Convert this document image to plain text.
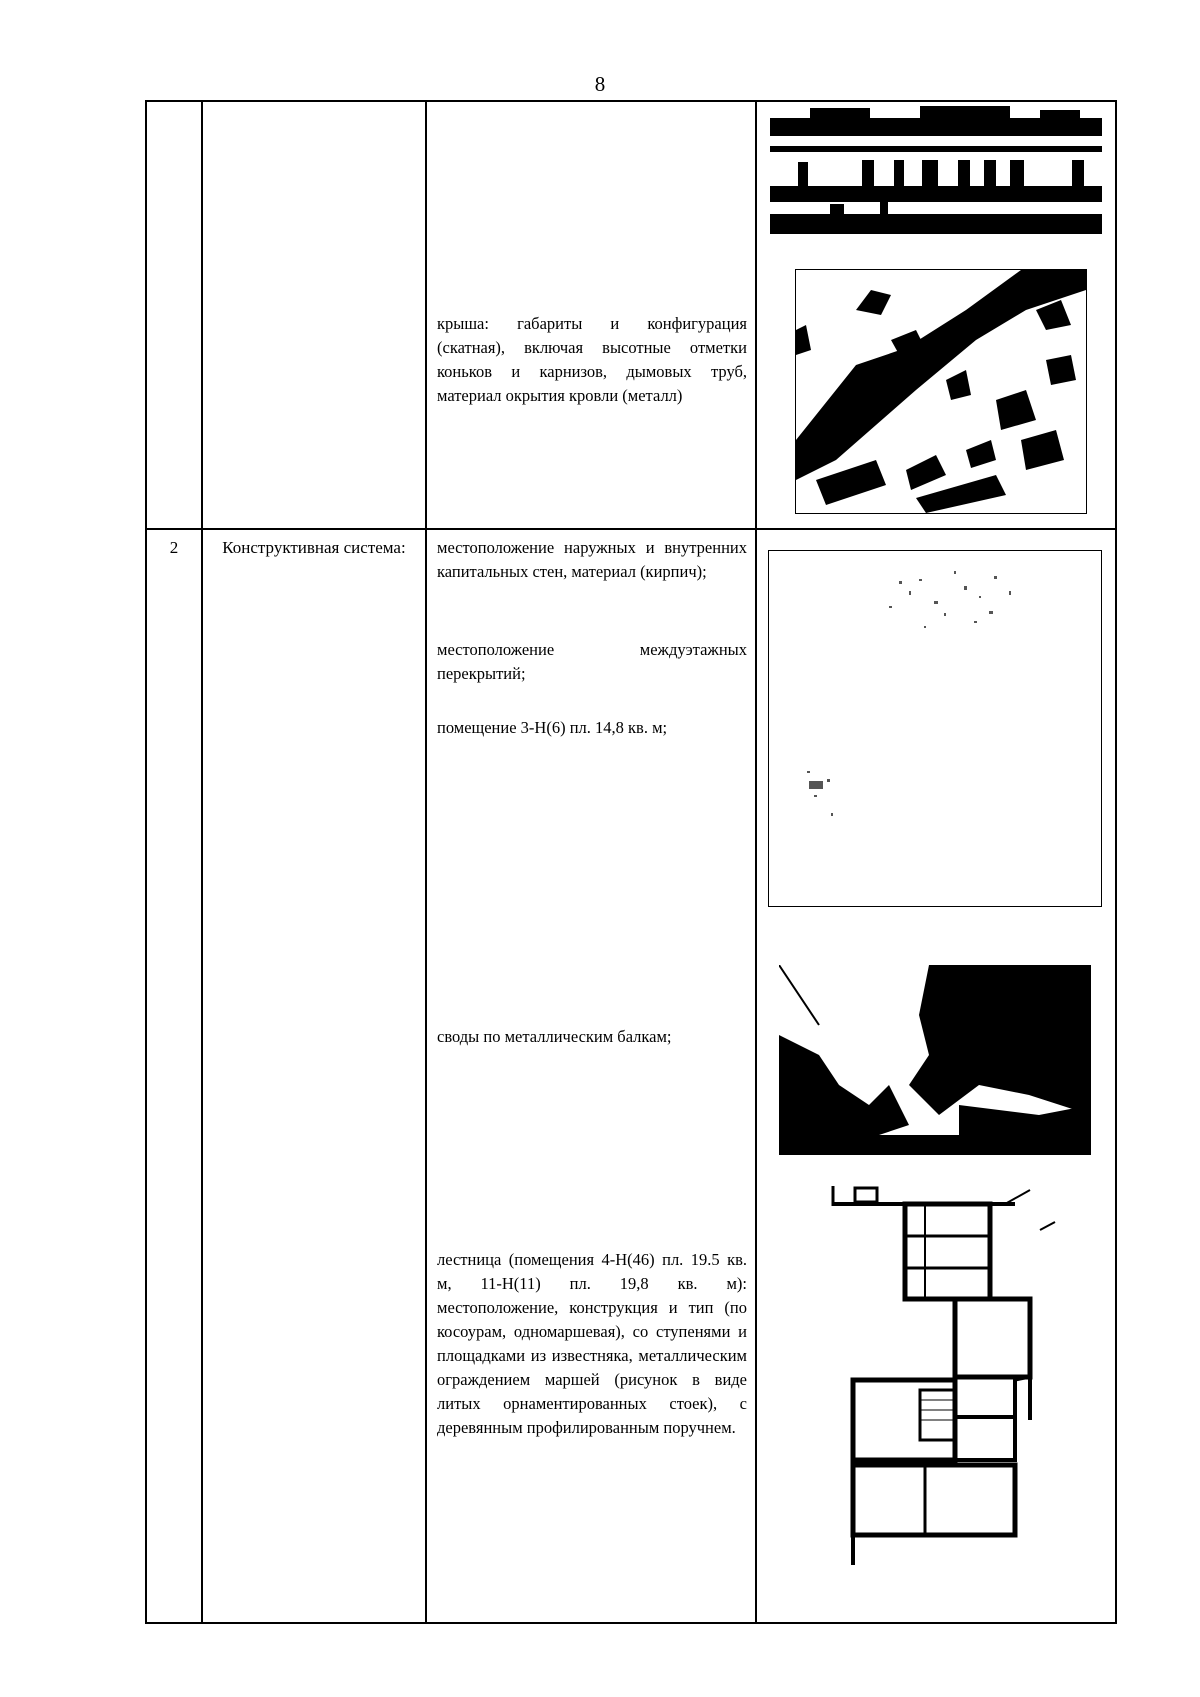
8

		крыша: габариты и конфигурация (скатная), включая высотные отметки коньков и карнизов, дымовых труб, материал окрытия кровли (металл)

2	Конструктивная система:	местоположение наружных и внутренних капитальных стен, материал (кирпич);
местоположение междуэтажных перекрытий;
помещение 3-Н(6) пл. 14,8 кв. м;
своды по металлическим балкам;
лестница (помещения 4-Н(46) пл. 19.5 кв. м, 11-Н(11) пл. 19,8 кв. м): местоположение, конструкция и тип (по косоурам, одномаршевая), со ступенями и площадками из известняка, металлическим ограждением маршей (рисунок в виде литых орнаментированных стоек), с деревянным профилированным поручнем.
